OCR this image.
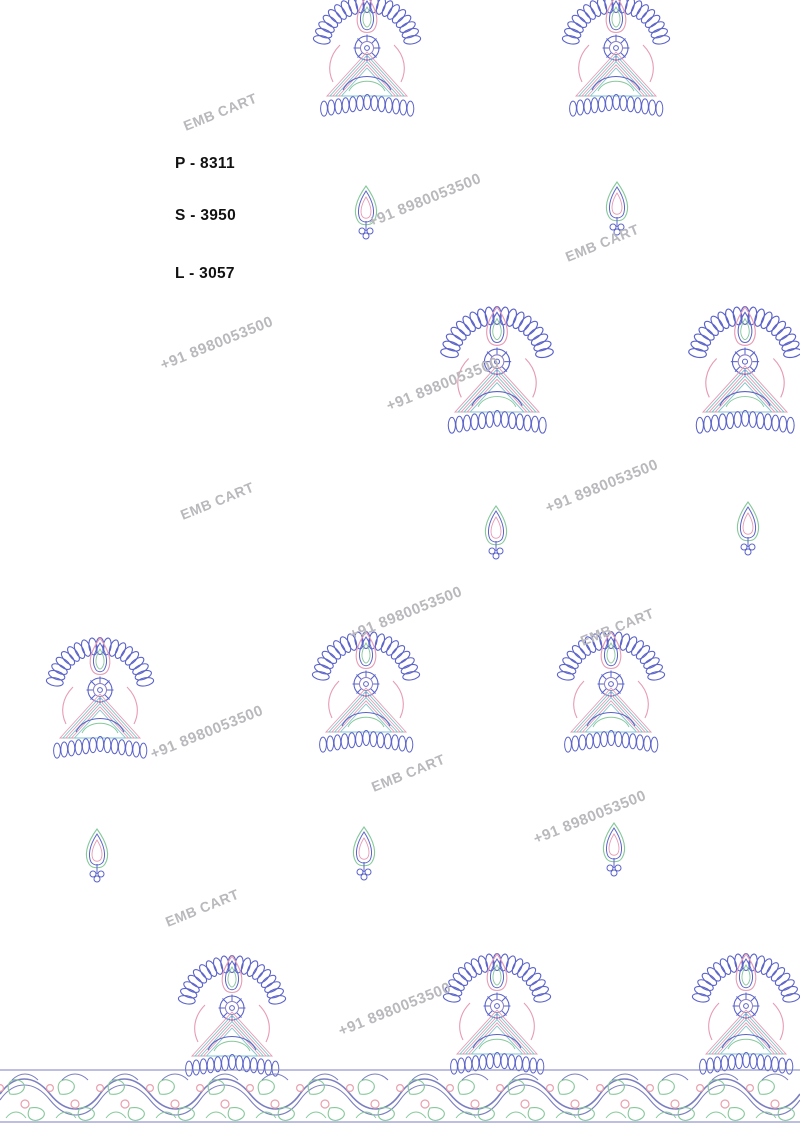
EMB CART
+91 8980053500
EMB CART
+91 8980053500
+91 8980053500
+91 8980053500
EMB CART
+91 8980053500	EMB CART
+91 8980053500
EMB CART
+91 8980053500
EMB CART
+91 8980053500
P - 8311
S - 3950
L - 3057
